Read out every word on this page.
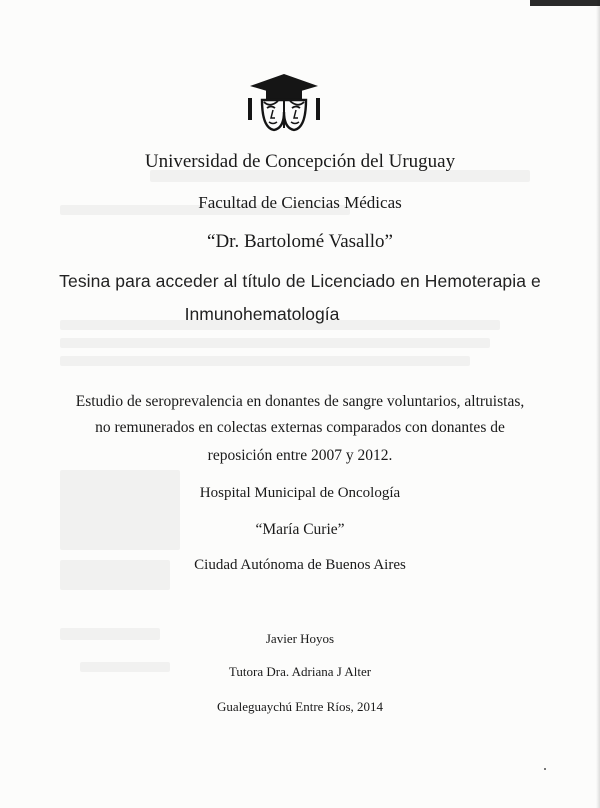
Universidad de Concepción del Uruguay
Facultad de Ciencias Médicas
“Dr. Bartolomé Vasallo”
Tesina para acceder al título de Licenciado en Hemoterapia e
Inmunohematología
Estudio de seroprevalencia en donantes de sangre voluntarios, altruistas,
no remunerados en colectas externas comparados con donantes de
reposición entre 2007 y 2012.
Hospital Municipal de Oncología
“María Curie”
Ciudad Autónoma de Buenos Aires
Javier Hoyos
Tutora Dra. Adriana J Alter
Gualeguaychú Entre Ríos, 2014
